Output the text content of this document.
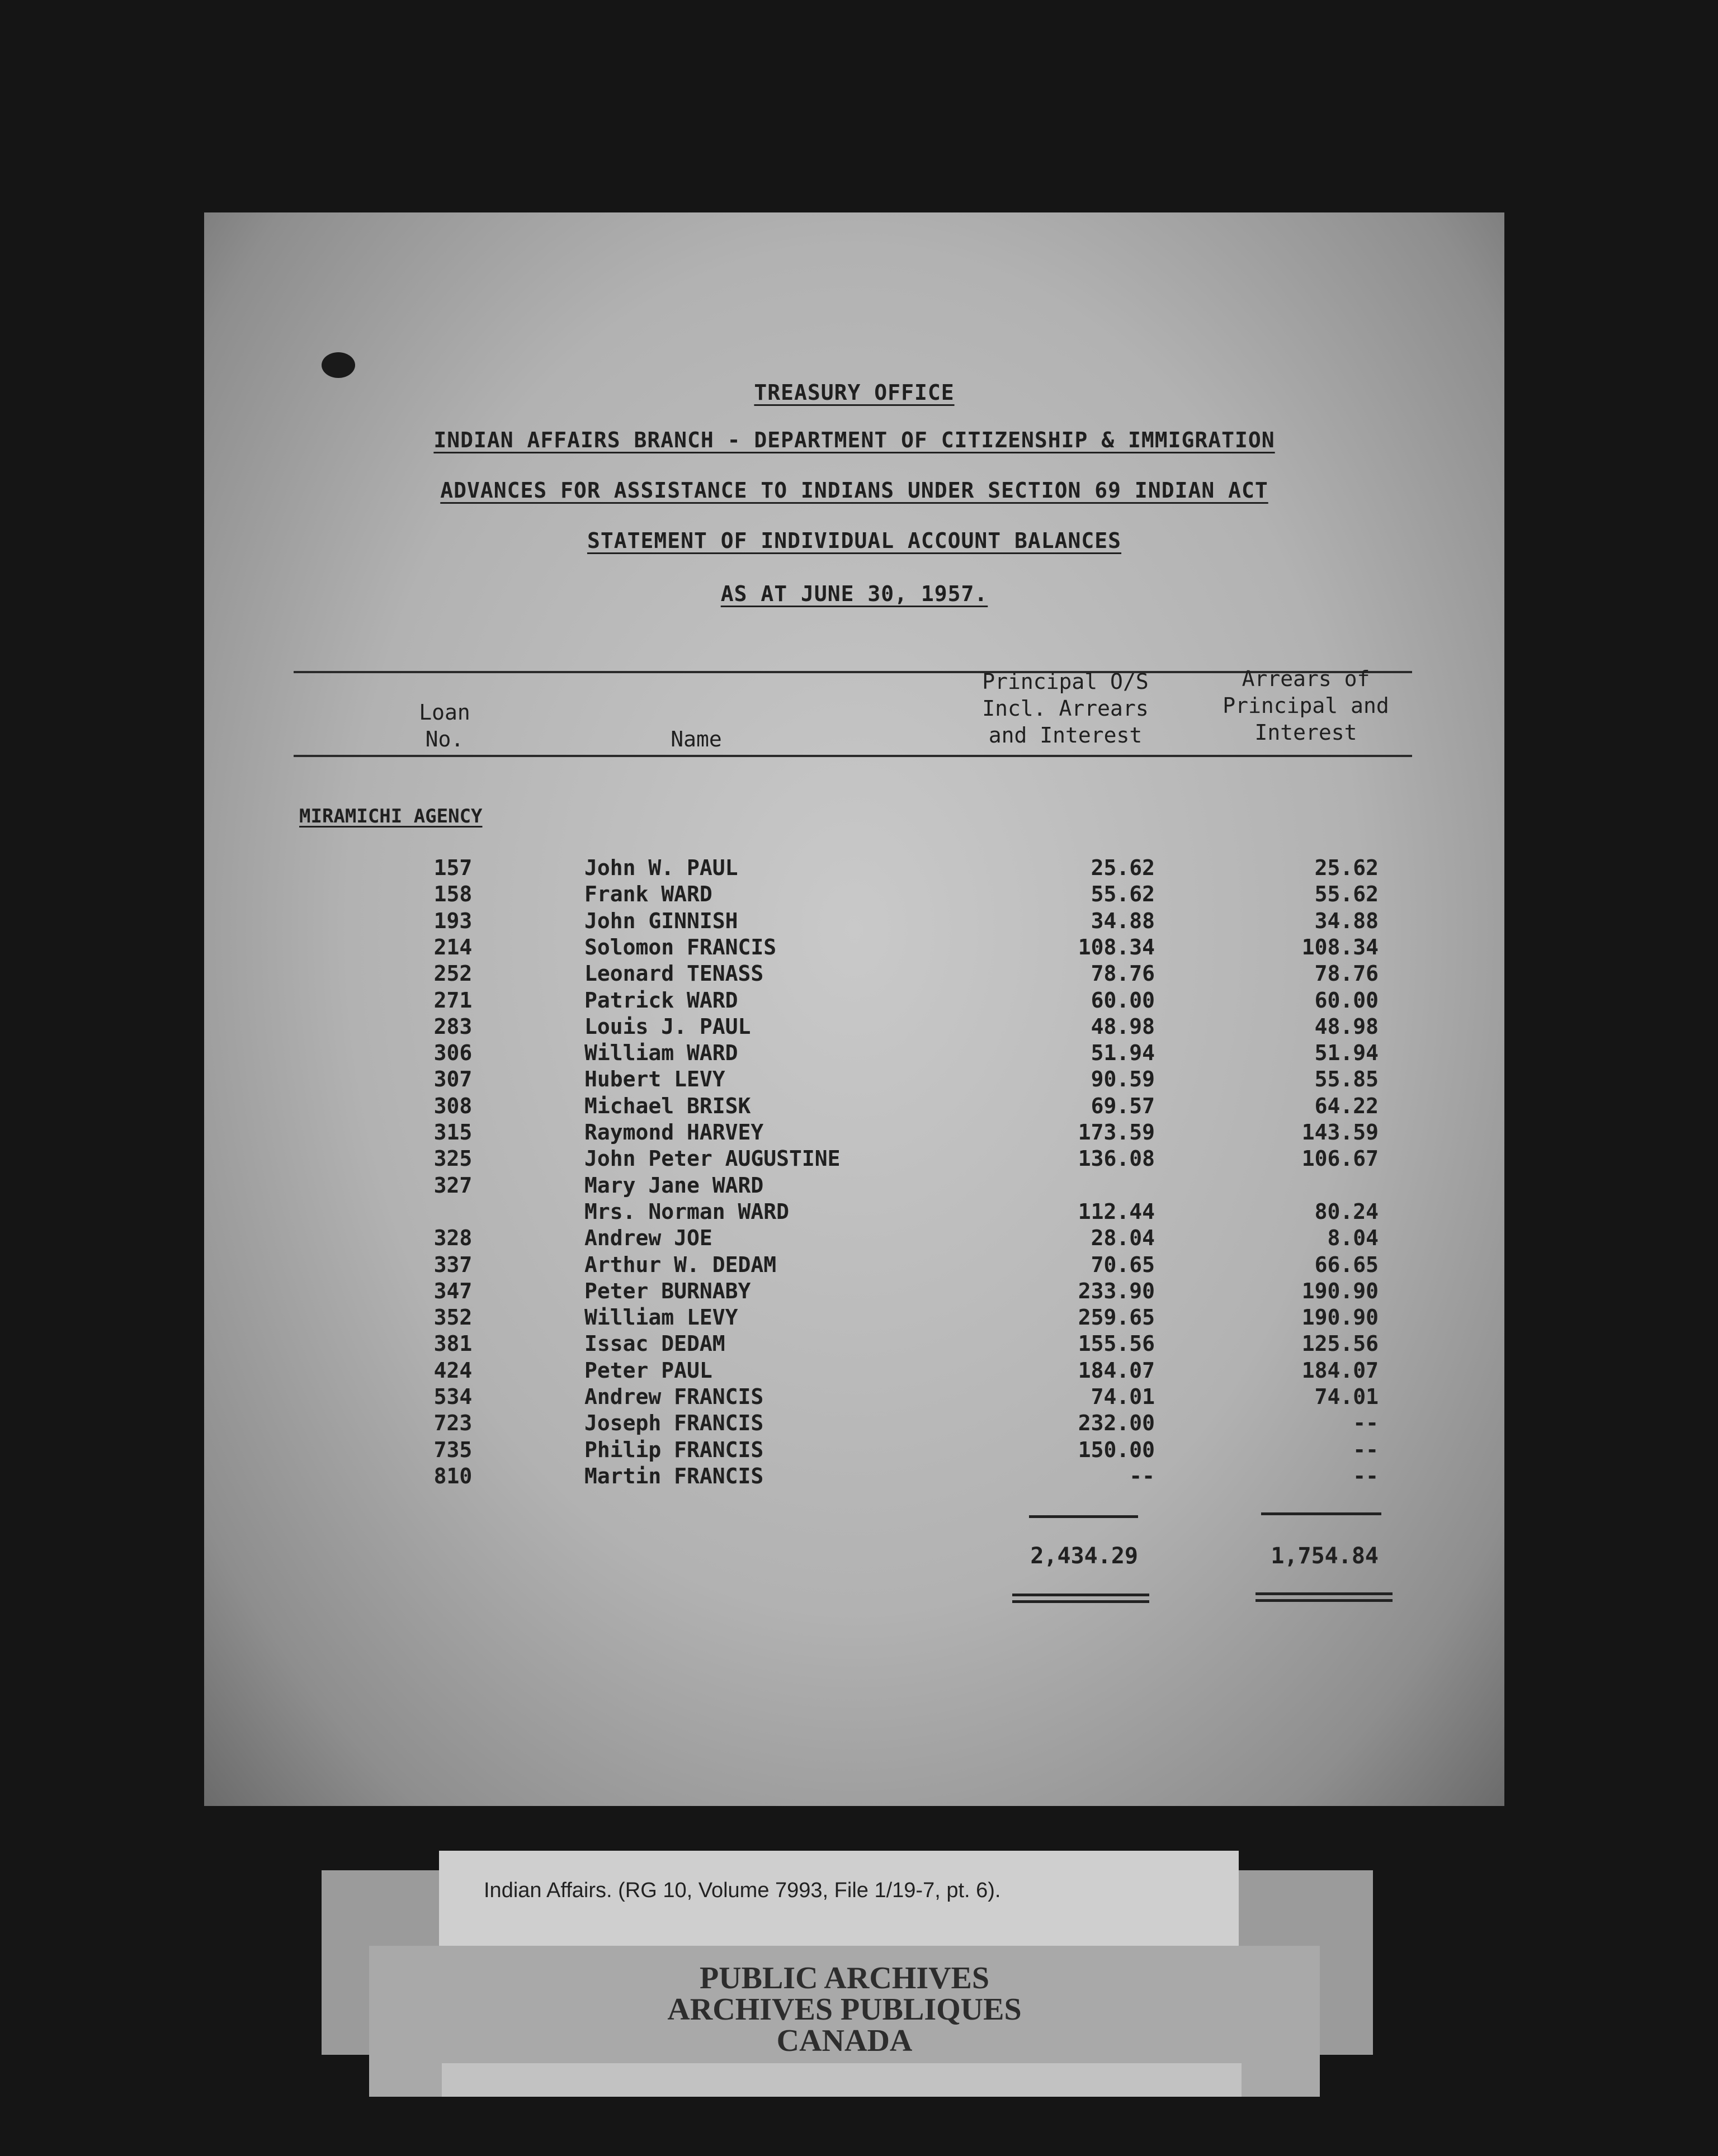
TREASURY OFFICE
INDIAN AFFAIRS BRANCH - DEPARTMENT OF CITIZENSHIP & IMMIGRATION
ADVANCES FOR ASSISTANCE TO INDIANS UNDER SECTION 69 INDIAN ACT
STATEMENT OF INDIVIDUAL ACCOUNT BALANCES
AS AT JUNE 30, 1957.
Loan
No.	Name
Principal O/S
Incl. Arrears
and Interest
Arrears of
Principal and
Interest
MIRAMICHI AGENCY
157	John W. PAUL	25.62	25.62
158	Frank WARD	55.62	55.62
193	John GINNISH	34.88	34.88
214	Solomon FRANCIS	108.34	108.34
252	Leonard TENASS	78.76	78.76
271	Patrick WARD	60.00	60.00
283	Louis J. PAUL	48.98	48.98
306	William WARD	51.94	51.94
307	Hubert LEVY	90.59	55.85
308	Michael BRISK	69.57	64.22
315	Raymond HARVEY	173.59	143.59
325	John Peter AUGUSTINE	136.08	106.67
327	Mary Jane WARD
Mrs. Norman WARD	112.44	80.24
328	Andrew JOE	28.04	8.04
337	Arthur W. DEDAM	70.65	66.65
347	Peter BURNABY	233.90	190.90
352	William LEVY	259.65	190.90
381	Issac DEDAM	155.56	125.56
424	Peter PAUL	184.07	184.07
534	Andrew FRANCIS	74.01	74.01
723	Joseph FRANCIS	232.00	--
735	Philip FRANCIS	150.00	--
810	Martin FRANCIS	--	--
2,434.29	1,754.84
Indian Affairs. (RG 10, Volume 7993, File 1/19-7, pt. 6).
PUBLIC ARCHIVES
ARCHIVES PUBLIQUES
CANADA
